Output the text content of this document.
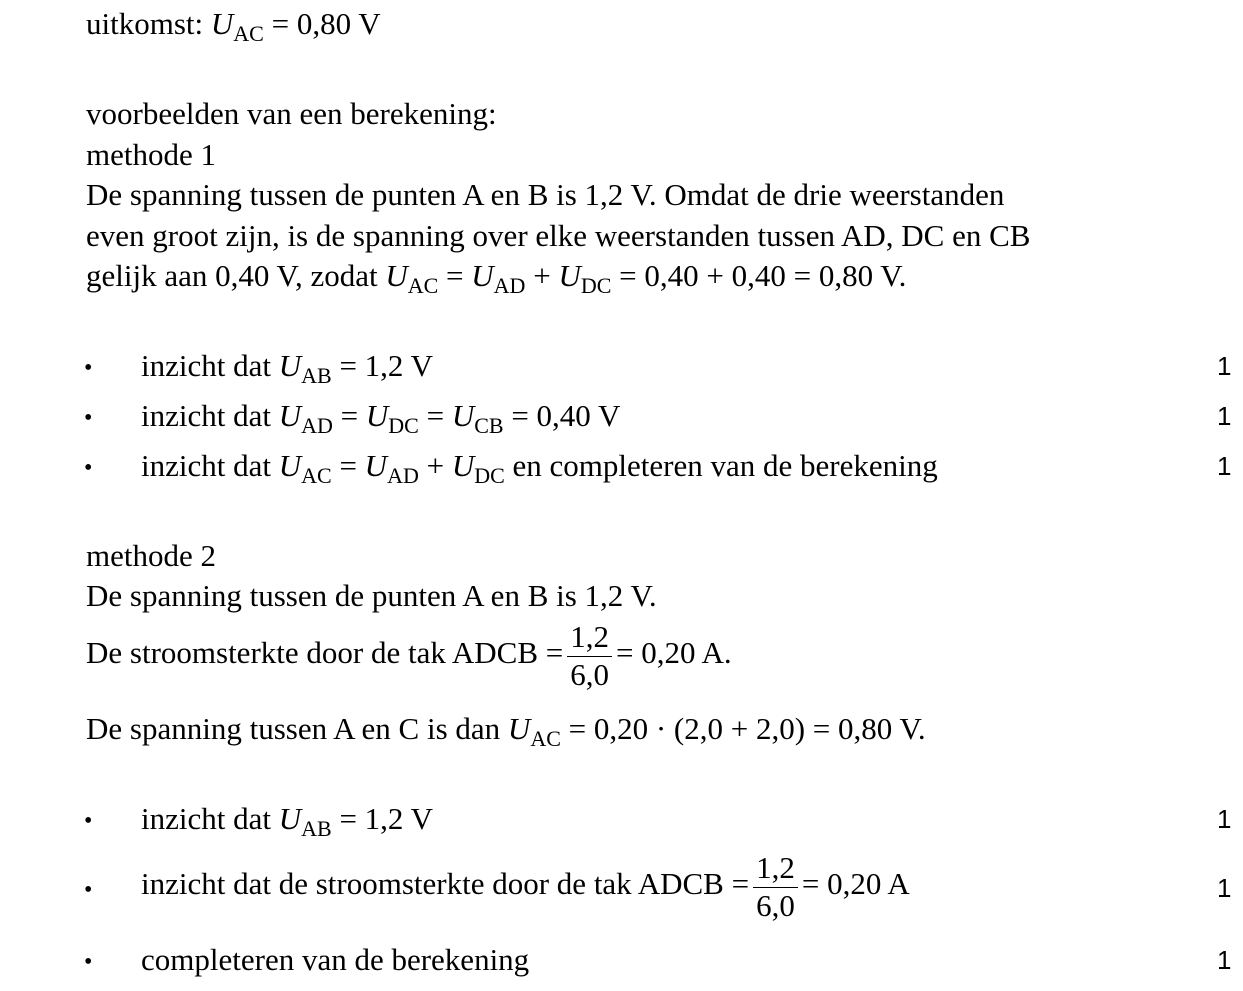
uitkomst: $U_{AC} = 0,80$ V
voorbeelden van een berekening:
methode 1
De spanning tussen de punten A en B is 1,2 V. Omdat de drie weerstanden
even groot zijn, is de spanning over elke weerstanden tussen AD, DC en CB
gelijk aan 0,40 V, zodat $U_{AC} = U_{AD} + U_{DC} = 0,40 + 0,40 = 0,80$ V.
• inzicht dat $U_{AB} = 1,2$ V	1
• inzicht dat $U_{AD} = U_{DC} = U_{CB} = 0,40$ V	1
• inzicht dat $U_{AC} = U_{AD} + U_{DC}$ en completeren van de berekening	1
methode 2
De spanning tussen de punten A en B is 1,2 V.
De stroomsterkte door de tak ADCB = $\frac{1,2}{6,0} = 0,20$ A.
De spanning tussen A en C is dan $U_{AC} = 0,20 \cdot (2,0 + 2,0) = 0,80$ V.
• inzicht dat $U_{AB} = 1,2$ V	1
• inzicht dat de stroomsterkte door de tak ADCB = $\frac{1,2}{6,0} = 0,20$ A	1
• completeren van de berekening	1
